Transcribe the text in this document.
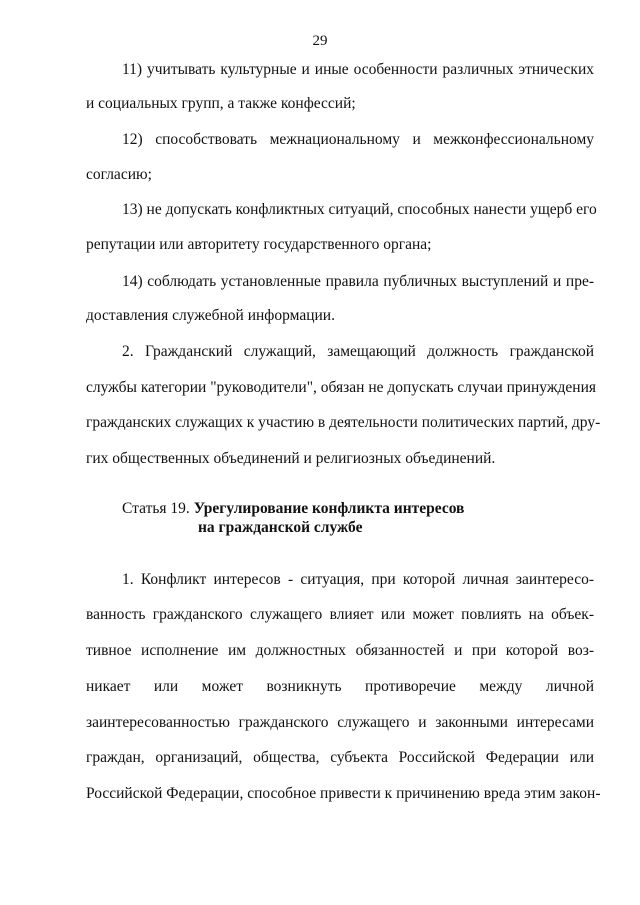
29
11) учитывать культурные и иные особенности различных этнических
и социальных групп, а также конфессий;
12) способствовать межнациональному и межконфессиональному
согласию;
13) не допускать конфликтных ситуаций, способных нанести ущерб его
репутации или авторитету государственного органа;
14) соблюдать установленные правила публичных выступлений и пре-
доставления служебной информации.
2. Гражданский служащий, замещающий должность гражданской
службы категории "руководители", обязан не допускать случаи принуждения
гражданских служащих к участию в деятельности политических партий, дру-
гих общественных объединений и религиозных объединений.
Статья 19. Урегулирование конфликта интересов
на гражданской службе
1. Конфликт интересов - ситуация, при которой личная заинтересо-
ванность гражданского служащего влияет или может повлиять на объек-
тивное исполнение им должностных обязанностей и при которой воз-
никает или может возникнуть противоречие между личной
заинтересованностью гражданского служащего и законными интересами
граждан, организаций, общества, субъекта Российской Федерации или
Российской Федерации, способное привести к причинению вреда этим закон-
